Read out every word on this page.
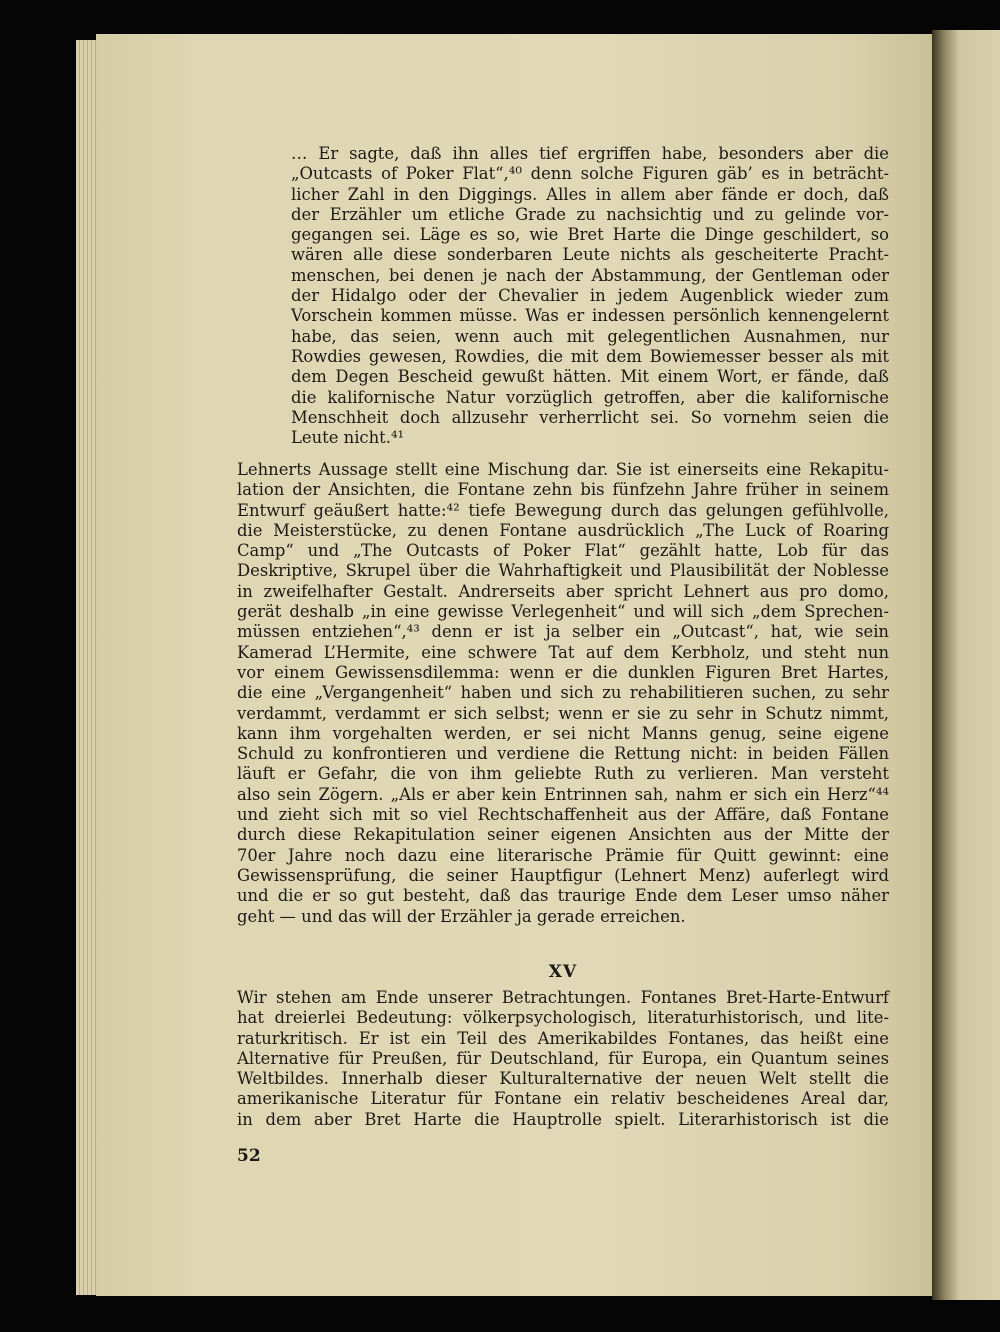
… Er sagte, daß ihn alles tief ergriffen habe, besonders aber die
„Outcasts of Poker Flat“,⁴⁰ denn solche Figuren gäb’ es in beträcht-
licher Zahl in den Diggings. Alles in allem aber fände er doch, daß
der Erzähler um etliche Grade zu nachsichtig und zu gelinde vor-
gegangen sei. Läge es so, wie Bret Harte die Dinge geschildert, so
wären alle diese sonderbaren Leute nichts als gescheiterte Pracht-
menschen, bei denen je nach der Abstammung, der Gentleman oder
der Hidalgo oder der Chevalier in jedem Augenblick wieder zum
Vorschein kommen müsse. Was er indessen persönlich kennengelernt
habe, das seien, wenn auch mit gelegentlichen Ausnahmen, nur
Rowdies gewesen, Rowdies, die mit dem Bowiemesser besser als mit
dem Degen Bescheid gewußt hätten. Mit einem Wort, er fände, daß
die kalifornische Natur vorzüglich getroffen, aber die kalifornische
Menschheit doch allzusehr verherrlicht sei. So vornehm seien die
Leute nicht.⁴¹
Lehnerts Aussage stellt eine Mischung dar. Sie ist einerseits eine Rekapitu-
lation der Ansichten, die Fontane zehn bis fünfzehn Jahre früher in seinem
Entwurf geäußert hatte:⁴² tiefe Bewegung durch das gelungen gefühlvolle,
die Meisterstücke, zu denen Fontane ausdrücklich „The Luck of Roaring
Camp“ und „The Outcasts of Poker Flat“ gezählt hatte, Lob für das
Deskriptive, Skrupel über die Wahrhaftigkeit und Plausibilität der Noblesse
in zweifelhafter Gestalt. Andrerseits aber spricht Lehnert aus pro domo,
gerät deshalb „in eine gewisse Verlegenheit“ und will sich „dem Sprechen-
müssen entziehen“,⁴³ denn er ist ja selber ein „Outcast“, hat, wie sein
Kamerad L’Hermite, eine schwere Tat auf dem Kerbholz, und steht nun
vor einem Gewissensdilemma: wenn er die dunklen Figuren Bret Hartes,
die eine „Vergangenheit“ haben und sich zu rehabilitieren suchen, zu sehr
verdammt, verdammt er sich selbst; wenn er sie zu sehr in Schutz nimmt,
kann ihm vorgehalten werden, er sei nicht Manns genug, seine eigene
Schuld zu konfrontieren und verdiene die Rettung nicht: in beiden Fällen
läuft er Gefahr, die von ihm geliebte Ruth zu verlieren. Man versteht
also sein Zögern. „Als er aber kein Entrinnen sah, nahm er sich ein Herz“⁴⁴
und zieht sich mit so viel Rechtschaffenheit aus der Affäre, daß Fontane
durch diese Rekapitulation seiner eigenen Ansichten aus der Mitte der
70er Jahre noch dazu eine literarische Prämie für Quitt gewinnt: eine
Gewissensprüfung, die seiner Hauptfigur (Lehnert Menz) auferlegt wird
und die er so gut besteht, daß das traurige Ende dem Leser umso näher
geht — und das will der Erzähler ja gerade erreichen.
XV
Wir stehen am Ende unserer Betrachtungen. Fontanes Bret-Harte-Entwurf
hat dreierlei Bedeutung: völkerpsychologisch, literaturhistorisch, und lite-
raturkritisch. Er ist ein Teil des Amerikabildes Fontanes, das heißt eine
Alternative für Preußen, für Deutschland, für Europa, ein Quantum seines
Weltbildes. Innerhalb dieser Kulturalternative der neuen Welt stellt die
amerikanische Literatur für Fontane ein relativ bescheidenes Areal dar,
in dem aber Bret Harte die Hauptrolle spielt. Literarhistorisch ist die
52
